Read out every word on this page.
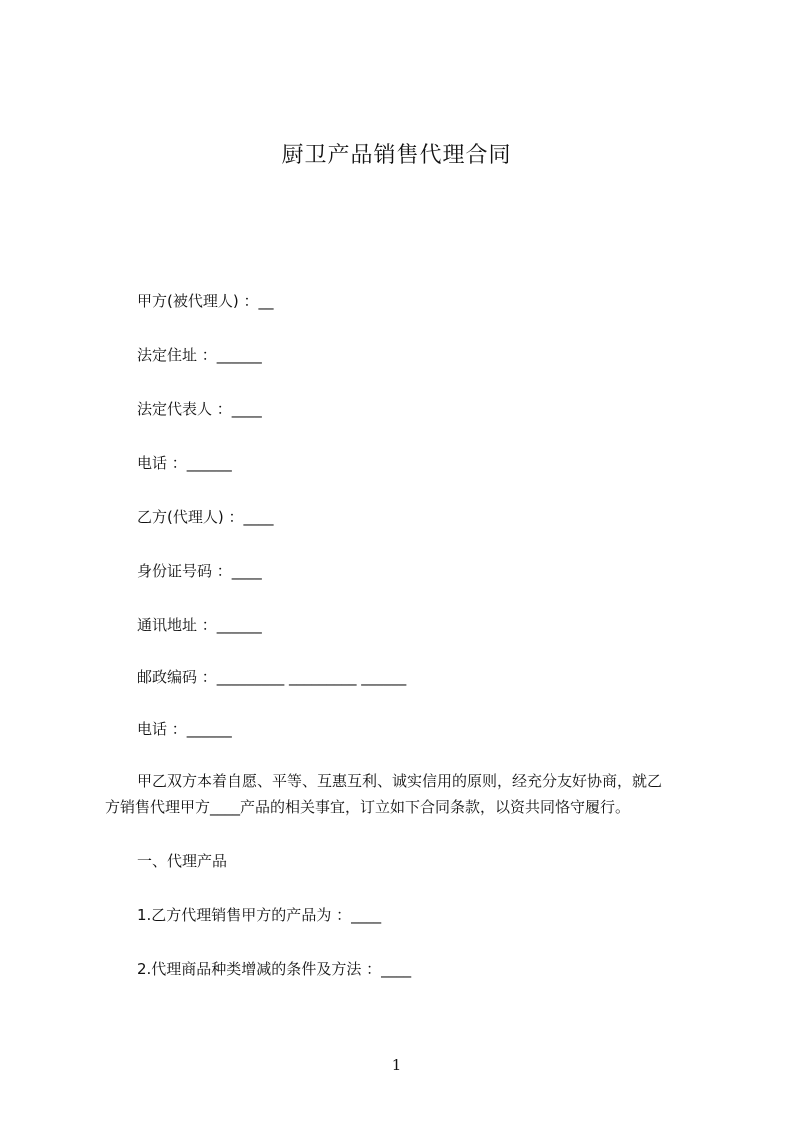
厨卫产品销售代理合同
甲方(被代理人) ：__
法定住址 ：______
法定代表人 ：____
电话 ：______
乙方(代理人) ：____
身份证号码 ：____
通讯地址 ：______
邮政编码 ：_________ _________ ______
电话 ：______

甲乙双方本着自愿、平等、互惠互利、诚实信用的原则，经充分友好协商，就乙

方销售代理甲方____产品的相关事宜，订立如下合同条款，以资共同恪守履行。

一、代理产品
1.乙方代理销售甲方的产品为 ：____
2.代理商品种类增减的条件及方法 ：____
1
